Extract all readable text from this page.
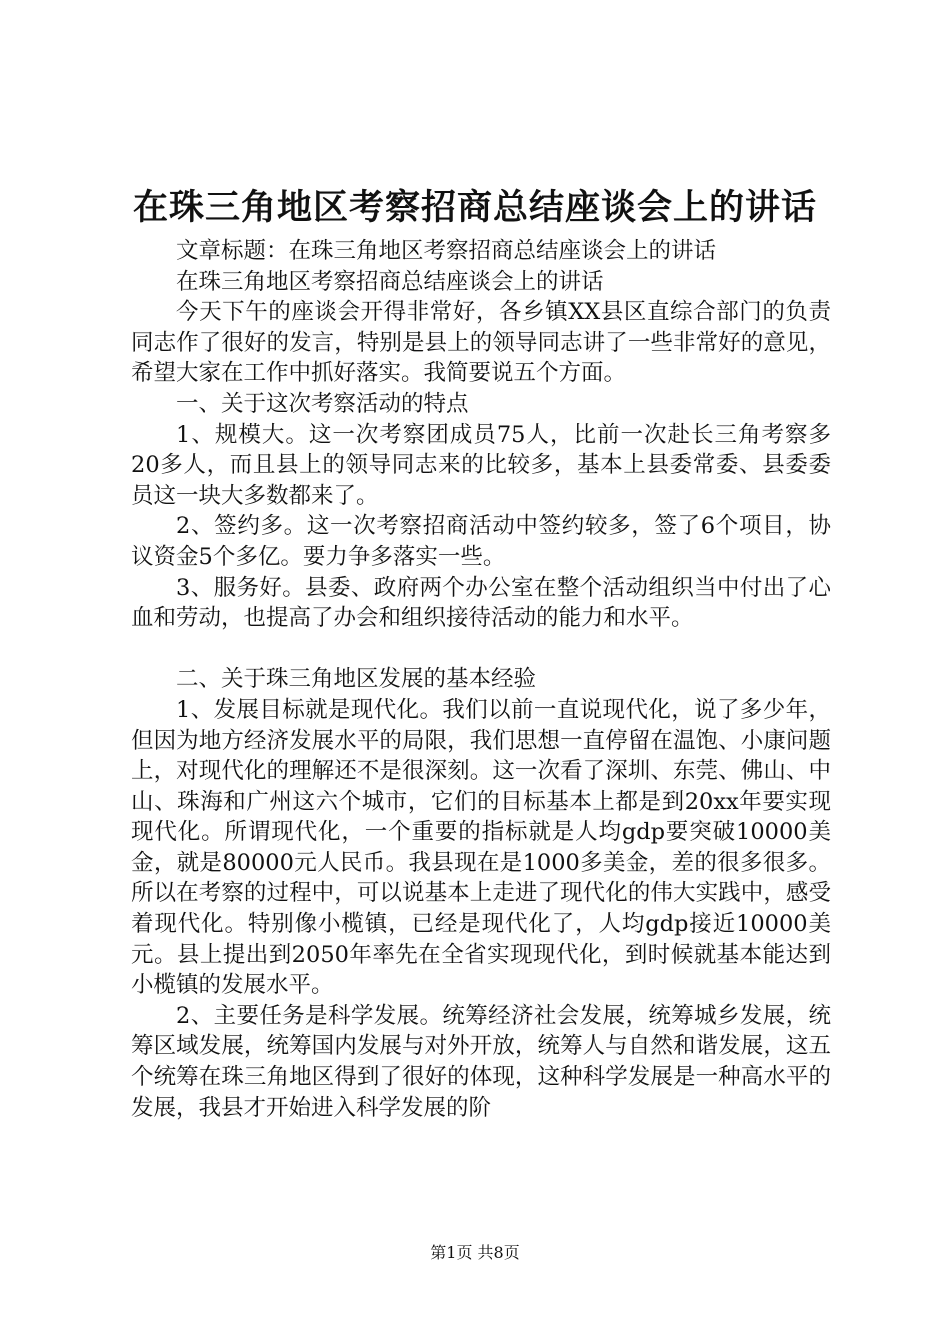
在珠三角地区考察招商总结座谈会上的讲话

文章标题：在珠三角地区考察招商总结座谈会上的讲话

在珠三角地区考察招商总结座谈会上的讲话

今天下午的座谈会开得非常好，各乡镇XX县区直综合部门的负责同志作了很好的发言，特别是县上的领导同志讲了一些非常好的意见，希望大家在工作中抓好落实。我简要说五个方面。

一、关于这次考察活动的特点

1、规模大。这一次考察团成员75人，比前一次赴长三角考察多20多人，而且县上的领导同志来的比较多，基本上县委常委、县委委员这一块大多数都来了。

2、签约多。这一次考察招商活动中签约较多，签了6个项目，协议资金5个多亿。要力争多落实一些。

3、服务好。县委、政府两个办公室在整个活动组织当中付出了心血和劳动，也提高了办会和组织接待活动的能力和水平。

二、关于珠三角地区发展的基本经验

1、发展目标就是现代化。我们以前一直说现代化，说了多少年，但因为地方经济发展水平的局限，我们思想一直停留在温饱、小康问题上，对现代化的理解还不是很深刻。这一次看了深圳、东莞、佛山、中山、珠海和广州这六个城市，它们的目标基本上都是到20xx年要实现现代化。所谓现代化，一个重要的指标就是人均gdp要突破10000美金，就是80000元人民币。我县现在是1000多美金，差的很多很多。所以在考察的过程中，可以说基本上走进了现代化的伟大实践中，感受着现代化。特别像小榄镇，已经是现代化了，人均gdp接近10000美元。县上提出到2050年率先在全省实现现代化，到时候就基本能达到小榄镇的发展水平。

2、主要任务是科学发展。统筹经济社会发展，统筹城乡发展，统筹区域发展，统筹国内发展与对外开放，统筹人与自然和谐发展，这五个统筹在珠三角地区得到了很好的体现，这种科学发展是一种高水平的发展，我县才开始进入科学发展的阶

第1页 共8页
